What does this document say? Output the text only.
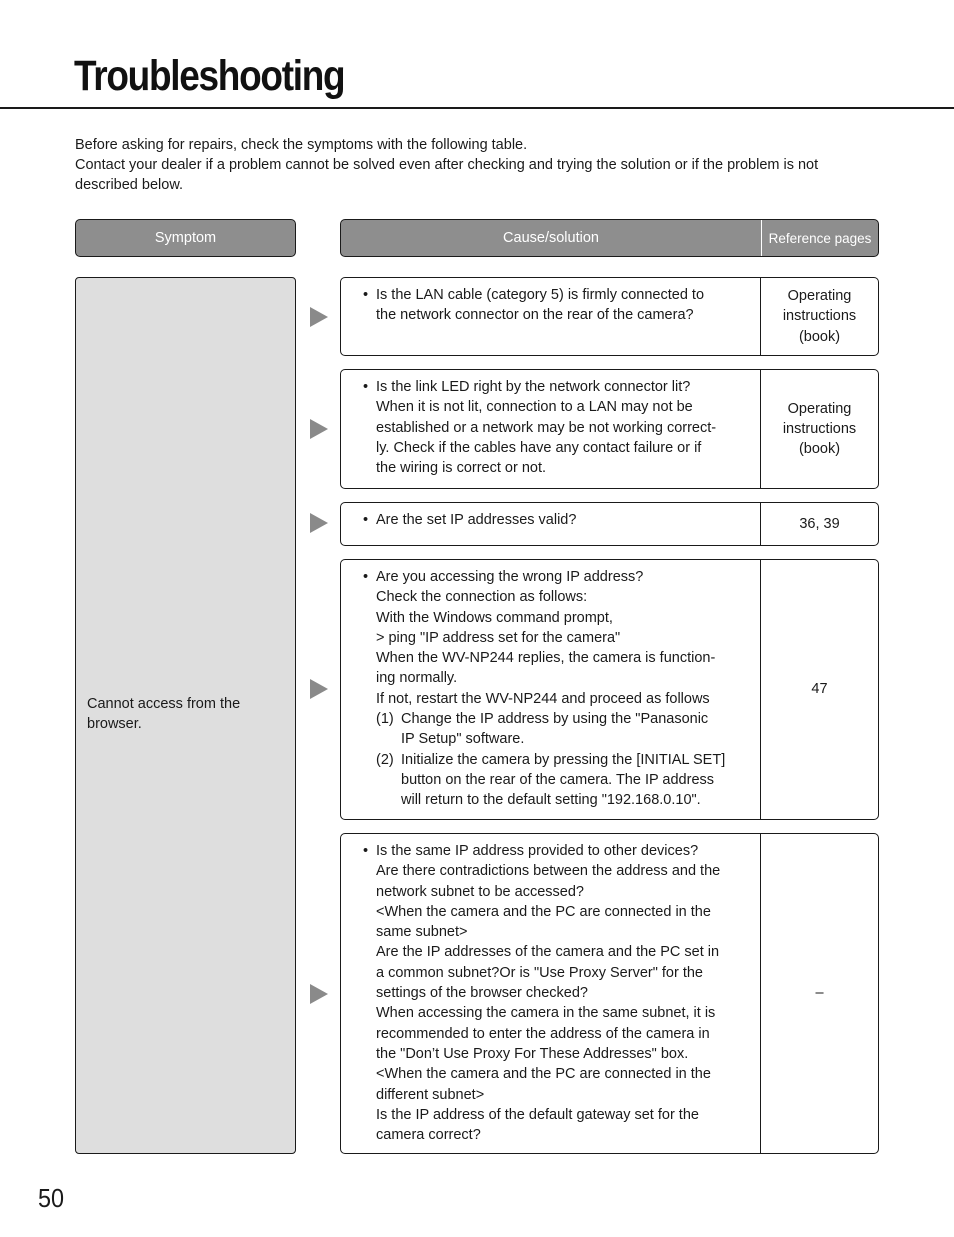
Troubleshooting

Before asking for repairs, check the symptoms with the following table.

Contact your dealer if a problem cannot be solved even after checking and trying the solution or if the problem is not described below.

Symptom	Cause/solution	Reference pages
Cannot access from the browser.
• Is the LAN cable (category 5) is firmly connected to
the network connector on the rear of the camera?
Operating instructions (book)
• Is the link LED right by the network connector lit?
When it is not lit, connection to a LAN may not be
established or a network may be not working correct-
ly. Check if the cables have any contact failure or if
the wiring is correct or not.
Operating instructions (book)
• Are the set IP addresses valid?	36, 39
• Are you accessing the wrong IP address?
Check the connection as follows:
With the Windows command prompt,
> ping "IP address set for the camera"
When the WV-NP244 replies, the camera is function-
ing normally.
If not, restart the WV-NP244 and proceed as follows
(1) Change the IP address by using the "Panasonic
IP Setup" software.
(2) Initialize the camera by pressing the [INITIAL SET]
button on the rear of the camera. The IP address
will return to the default setting "192.168.0.10".
47
• Is the same IP address provided to other devices?
Are there contradictions between the address and the
network subnet to be accessed?
<When the camera and the PC are connected in the
same subnet>
Are the IP addresses of the camera and the PC set in
a common subnet?Or is "Use Proxy Server" for the
settings of the browser checked?
When accessing the camera in the same subnet, it is
recommended to enter the address of the camera in
the "Don’t Use Proxy For These Addresses" box.
<When the camera and the PC are connected in the
different subnet>
Is the IP address of the default gateway set for the
camera correct?
–
50
